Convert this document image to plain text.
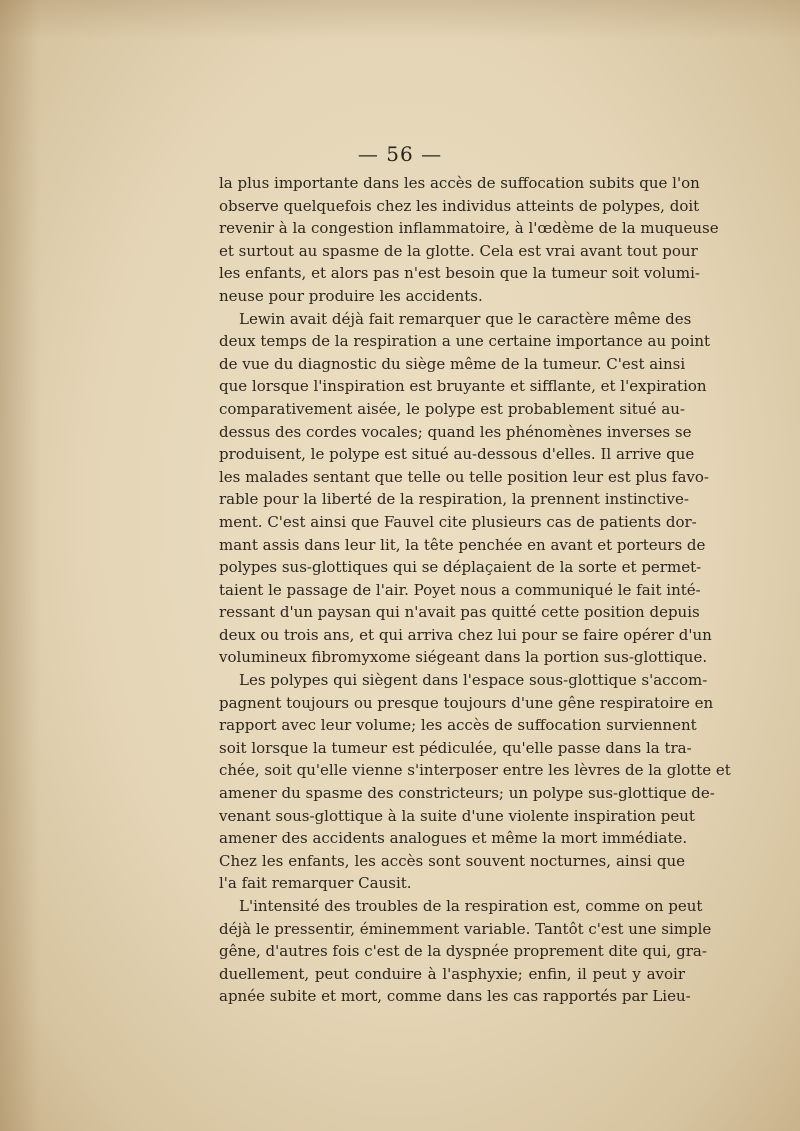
— 56 —
la plus importante dans les accès de suffocation subits que l'on
observe quelquefois chez les individus atteints de polypes, doit
revenir à la congestion inflammatoire, à l'œdème de la muqueuse
et surtout au spasme de la glotte. Cela est vrai avant tout pour
les enfants, et alors pas n'est besoin que la tumeur soit volumi-
neuse pour produire les accidents.
Lewin avait déjà fait remarquer que le caractère même des
deux temps de la respiration a une certaine importance au point
de vue du diagnostic du siège même de la tumeur. C'est ainsi
que lorsque l'inspiration est bruyante et sifflante, et l'expiration
comparativement aisée, le polype est probablement situé au-
dessus des cordes vocales; quand les phénomènes inverses se
produisent, le polype est situé au-dessous d'elles. Il arrive que
les malades sentant que telle ou telle position leur est plus favo-
rable pour la liberté de la respiration, la prennent instinctive-
ment. C'est ainsi que Fauvel cite plusieurs cas de patients dor-
mant assis dans leur lit, la tête penchée en avant et porteurs de
polypes sus-glottiques qui se déplaçaient de la sorte et permet-
taient le passage de l'air. Poyet nous a communiqué le fait inté-
ressant d'un paysan qui n'avait pas quitté cette position depuis
deux ou trois ans, et qui arriva chez lui pour se faire opérer d'un
volumineux fibromyxome siégeant dans la portion sus-glottique.
Les polypes qui siègent dans l'espace sous-glottique s'accom-
pagnent toujours ou presque toujours d'une gêne respiratoire en
rapport avec leur volume; les accès de suffocation surviennent
soit lorsque la tumeur est pédiculée, qu'elle passe dans la tra-
chée, soit qu'elle vienne s'interposer entre les lèvres de la glotte et
amener du spasme des constricteurs; un polype sus-glottique de-
venant sous-glottique à la suite d'une violente inspiration peut
amener des accidents analogues et même la mort immédiate.
Chez les enfants, les accès sont souvent nocturnes, ainsi que
l'a fait remarquer Causit.
L'intensité des troubles de la respiration est, comme on peut
déjà le pressentir, éminemment variable. Tantôt c'est une simple
gêne, d'autres fois c'est de la dyspnée proprement dite qui, gra-
duellement, peut conduire à l'asphyxie; enfin, il peut y avoir
apnée subite et mort, comme dans les cas rapportés par Lieu-
